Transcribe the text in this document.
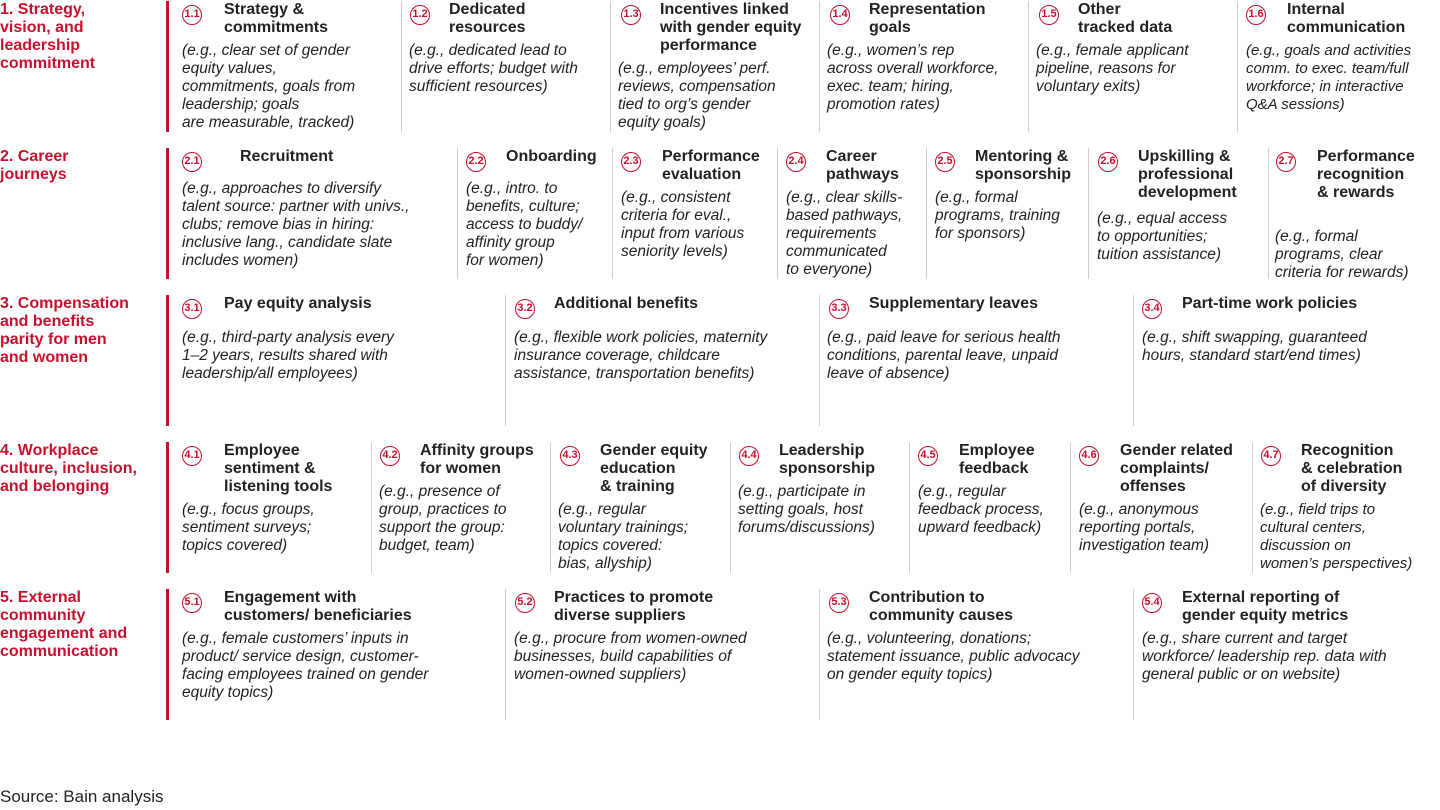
1. Strategy,
vision, and
leadership
commitment
1.1 Strategy &
commitments
(e.g., clear set of gender
equity values,
commitments, goals from
leadership; goals
are measurable, tracked)
1.2 Dedicated
resources
(e.g., dedicated lead to
drive efforts; budget with
sufficient resources)
1.3 Incentives linked
with gender equity
performance
(e.g., employees’ perf.
reviews, compensation
tied to org’s gender
equity goals)
1.4 Representation
goals
(e.g., women’s rep
across overall workforce,
exec. team; hiring,
promotion rates)
1.5 Other
tracked data
(e.g., female applicant
pipeline, reasons for
voluntary exits)
1.6 Internal
communication
(e.g., goals and activities
comm. to exec. team/full
workforce; in interactive
Q&A sessions)
2. Career
journeys
2.1	Recruitment
(e.g., approaches to diversify
talent source: partner with univs.,
clubs; remove bias in hiring:
inclusive lang., candidate slate
includes women)
2.2 Onboarding
(e.g., intro. to
benefits, culture;
access to buddy/
affinity group
for women)
2.3 Performance
evaluation
(e.g., consistent
criteria for eval.,
input from various
seniority levels)
2.4 Career
pathways
(e.g., clear skills-
based pathways,
requirements
communicated
to everyone)
2.5 Mentoring &
sponsorship
(e.g., formal
programs, training
for sponsors)
2.6 Upskilling &
professional
development
(e.g., equal access
to opportunities;
tuition assistance)
2.7 Performance
recognition
& rewards
(e.g., formal
programs, clear
criteria for rewards)
3. Compensation
and benefits
parity for men
and women
3.1 Pay equity analysis
(e.g., third-party analysis every
1–2 years, results shared with
leadership/all employees)
3.2 Additional benefits
(e.g., flexible work policies, maternity
insurance coverage, childcare
assistance, transportation benefits)
3.3 Supplementary leaves
(e.g., paid leave for serious health
conditions, parental leave, unpaid
leave of absence)
3.4 Part-time work policies
(e.g., shift swapping, guaranteed
hours, standard start/end times)
4. Workplace
culture, inclusion,
and belonging
4.1 Employee
sentiment &
listening tools
(e.g., focus groups,
sentiment surveys;
topics covered)
4.2 Affinity groups
for women
(e.g., presence of
group, practices to
support the group:
budget, team)
4.3 Gender equity
education
& training
(e.g., regular
voluntary trainings;
topics covered:
bias, allyship)
4.4 Leadership
sponsorship
(e.g., participate in
setting goals, host
forums/discussions)
4.5 Employee
feedback
(e.g., regular
feedback process,
upward feedback)
4.6 Gender related
complaints/
offenses
(e.g., anonymous
reporting portals,
investigation team)
4.7 Recognition
& celebration
of diversity
(e.g., field trips to
cultural centers,
discussion on
women’s perspectives)
5. External
community
engagement and
communication
5.1 Engagement with
customers/ beneficiaries
(e.g., female customers’ inputs in
product/ service design, customer-
facing employees trained on gender
equity topics)
5.2 Practices to promote
diverse suppliers
(e.g., procure from women-owned
businesses, build capabilities of
women-owned suppliers)
5.3 Contribution to
community causes
(e.g., volunteering, donations;
statement issuance, public advocacy
on gender equity topics)
5.4 External reporting of
gender equity metrics
(e.g., share current and target
workforce/ leadership rep. data with
general public or on website)
Source: Bain analysis
